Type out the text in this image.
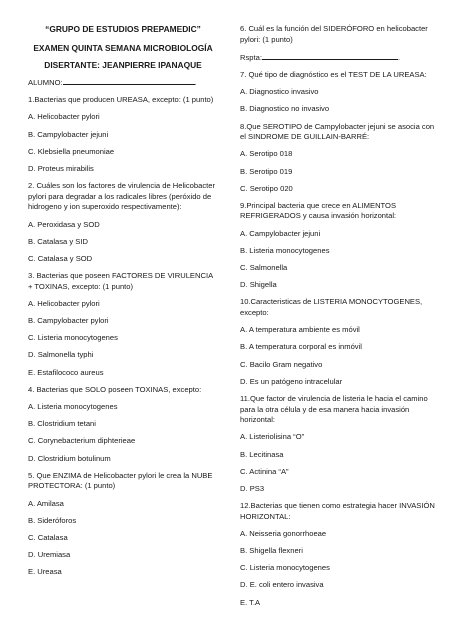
“GRUPO DE ESTUDIOS PREPAMEDIC”
EXAMEN QUINTA SEMANA MICROBIOLOGÍA
DISERTANTE: JEANPIERRE IPANAQUE
ALUMNO:	.
1.Bacterias que producen UREASA, excepto: (1 punto)
A. Helicobacter pylori
B. Campylobacter jejuni
C. Klebsiella pneumoniae
D. Proteus mirabilis
2. Cuáles son los factores de virulencia de Helicobacter pylori para degradar a los radicales libres (peróxido de hidrogeno y ion superoxido respectivamente):
A. Peroxidasa y SOD
B. Catalasa y SID
C. Catalasa y SOD
3. Bacterias que poseen FACTORES DE VIRULENCIA + TOXINAS, excepto: (1 punto)
A. Helicobacter pylori
B. Campylobacter pylori
C. Listeria monocytogenes
D. Salmonella typhi
E. Estafilococo aureus
4. Bacterias que SOLO poseen TOXINAS, excepto:
A. Listeria monocytogenes
B. Clostridium tetani
C. Corynebacterium diphterieae
D. Clostridium botulinum
5. Que ENZIMA de Helicobacter pylori le crea la NUBE PROTECTORA: (1 punto)
A. Amilasa
B. Sideróforos
C. Catalasa
D. Uremiasa
E. Ureasa
6. Cuál es la función del SIDERÓFORO en helicobacter pylori: (1 punto)
Rspta:	.
7. Qué tipo de diagnóstico es el TEST DE LA UREASA:
A. Diagnostico invasivo
B. Diagnostico no invasivo
8.Que SEROTIPO de Campylobacter jejuni se asocia con el SINDROME DE GUILLAIN-BARRÉ:
A. Serotipo 018
B. Serotipo 019
C. Serotipo 020
9.Principal bacteria que crece en ALIMENTOS REFRIGERADOS y causa invasión horizontal:
A. Campylobacter jejuni
B. Listeria monocytogenes
C. Salmonella
D. Shigella
10.Caracteristicas de LISTERIA MONOCYTOGENES, excepto:
A. A temperatura ambiente es móvil
B. A temperatura corporal es inmóvil
C. Bacilo Gram negativo
D. Es un patógeno intracelular
11.Que factor de virulencia de listeria le hacia el camino para la otra célula y de esa manera hacia invasión horizontal:
A. Listeriolisina “O”
B. Lecitinasa
C. Actinina “A”
D. PS3
12.Bacterias que tienen como estrategia hacer INVASIÓN HORIZONTAL:
A. Neisseria gonorrhoeae
B. Shigella flexneri
C. Listeria monocytogenes
D. E. coli entero invasiva
E. T.A
